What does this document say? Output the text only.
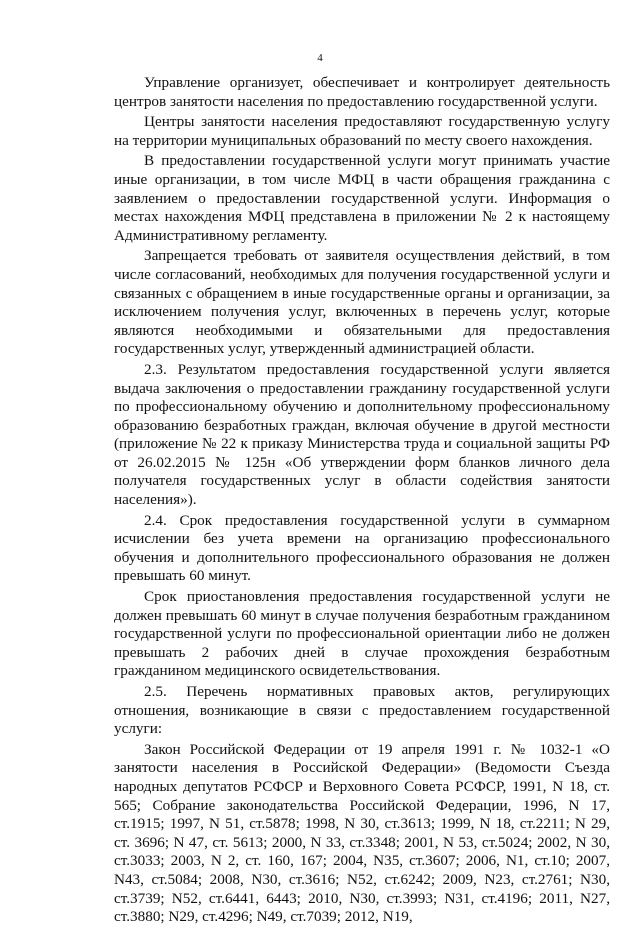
4

Управление организует, обеспечивает и контролирует деятельность центров занятости населения по предоставлению государственной услуги.

Центры занятости населения предоставляют государственную услугу на территории муниципальных образований по месту своего нахождения.

В предоставлении государственной услуги могут принимать участие иные организации, в том числе МФЦ в части обращения гражданина с заявлением о предоставлении государственной услуги. Информация о местах нахождения МФЦ представлена в приложении № 2 к настоящему Административному регламенту.

Запрещается требовать от заявителя осуществления действий, в том числе согласований, необходимых для получения государственной услуги и связанных с обращением в иные государственные органы и организации, за исключением получения услуг, включенных в перечень услуг, которые являются необходимыми и обязательными для предоставления государственных услуг, утвержденный администрацией области.

2.3. Результатом предоставления государственной услуги является выдача заключения о предоставлении гражданину государственной услуги по профессиональному обучению и дополнительному профессиональному образованию безработных граждан, включая обучение в другой местности (приложение № 22 к приказу Министерства труда и социальной защиты РФ от 26.02.2015 № 125н «Об утверждении форм бланков личного дела получателя государственных услуг в области содействия занятости населения»).

2.4. Срок предоставления государственной услуги в суммарном исчислении без учета времени на организацию профессионального обучения и дополнительного профессионального образования не должен превышать 60 минут.

Срок приостановления предоставления государственной услуги не должен превышать 60 минут в случае получения безработным гражданином государственной услуги по профессиональной ориентации либо не должен превышать 2 рабочих дней в случае прохождения безработным гражданином медицинского освидетельствования.

2.5. Перечень нормативных правовых актов, регулирующих отношения, возникающие в связи с предоставлением государственной услуги:

Закон Российской Федерации от 19 апреля 1991 г. № 1032-1 «О занятости населения в Российской Федерации» (Ведомости Съезда народных депутатов РСФСР и Верховного Совета РСФСР, 1991, N 18, ст. 565; Собрание законодательства Российской Федерации, 1996, N 17, ст.1915; 1997, N 51, ст.5878; 1998, N 30, ст.3613; 1999, N 18, ст.2211; N 29, ст. 3696; N 47, ст. 5613; 2000, N 33, ст.3348; 2001, N 53, ст.5024; 2002, N 30, ст.3033; 2003, N 2, ст. 160, 167; 2004, N35, ст.3607; 2006, N1, ст.10; 2007, N43, ст.5084; 2008, N30, ст.3616; N52, ст.6242; 2009, N23, ст.2761; N30, ст.3739; N52, ст.6441, 6443; 2010, N30, ст.3993; N31, ст.4196; 2011, N27, ст.3880; N29, ст.4296; N49, ст.7039; 2012, N19,
